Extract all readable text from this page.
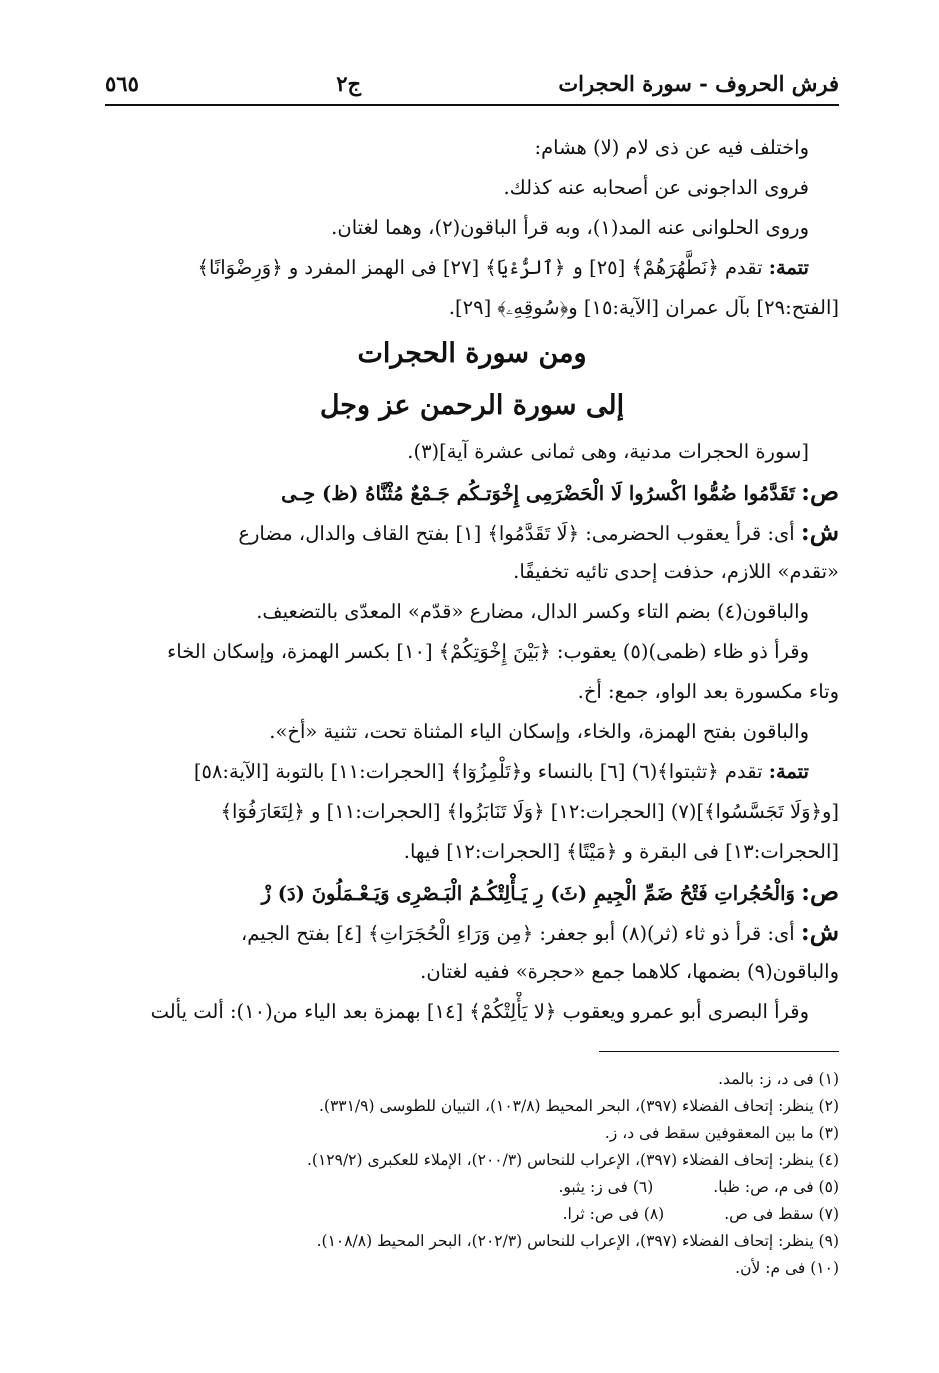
فرش الحروف - سورة الحجرات
ج٢
٥٦٥
واختلف فيه عن ذى لام (لا) هشام:
فروى الداجونى عن أصحابه عنه كذلك.
وروى الحلوانى عنه المد(١)، وبه قرأ الباقون(٢)، وهما لغتان.
تتمة: تقدم ﴿نَطَّهُرَهُمْ﴾ [٢٥] و ﴿ٱلرُّءْيَا﴾ [٢٧] فى الهمز المفرد و ﴿وَرِضْوَانًا﴾
[الفتح:٢٩] بآل عمران [الآية:١٥] و﴿سُوقِهِۦ﴾ [٢٩].
ومن سورة الحجرات
إلى سورة الرحمن عز وجل
[سورة الحجرات مدنية، وهى ثمانى عشرة آية](٣).
ص: تَقَدَّمُوا ضُمُّوا اكْسرُوا لَا الْحَضْرَمِى إِخْوَتـكُم جَـمْعٌ مُثْنَّاهُ (ظ) حِـى
ش: أى: قرأ يعقوب الحضرمى: ﴿لَا تَقَدَّمُوا﴾ [١] بفتح القاف والدال، مضارع
«تقدم» اللازم، حذفت إحدى تائيه تخفيفًا.
والباقون(٤) بضم التاء وكسر الدال، مضارع «قدّم» المعدّى بالتضعيف.
وقرأ ذو ظاء (ظمى)(٥) يعقوب: ﴿بَيْنَ إِخْوَتِكُمْ﴾ [١٠] بكسر الهمزة، وإسكان الخاء
وتاء مكسورة بعد الواو، جمع: أخ.
والباقون بفتح الهمزة، والخاء، وإسكان الياء المثناة تحت، تثنية «أخ».
تتمة: تقدم ﴿تثبتوا﴾(٦) [٦] بالنساء و﴿تَلْمِزُوٓا﴾ [الحجرات:١١] بالتوبة [الآية:٥٨]
[و﴿وَلَا تَجَسَّسُوا﴾](٧) [الحجرات:١٢] ﴿وَلَا تَنَابَزُوا﴾ [الحجرات:١١] و ﴿لِتَعَارَفُوٓا﴾
[الحجرات:١٣] فى البقرة و ﴿مَيْتًا﴾ [الحجرات:١٢] فيها.
ص: وَالْحُجُراتِ فَتْحُ ضَمِّ الْجِيمِ (ثَ) رِ يَـأْلِتْكُـمُ الْبَـصْرِى وَيَـعْـمَلُونَ (دَ) زْ
ش: أى: قرأ ذو ثاء (ثر)(٨) أبو جعفر: ﴿مِن وَرَاءِ الْحُجَرَاتِ﴾ [٤] بفتح الجيم،
والباقون(٩) بضمها، كلاهما جمع «حجرة» ففيه لغتان.
وقرأ البصرى أبو عمرو ويعقوب ﴿لا يَأْلِتْكُمْ﴾ [١٤] بهمزة بعد الياء من(١٠): ألت يألت
(١) فى د، ز: بالمد.
(٢) ينظر: إتحاف الفضلاء (٣٩٧)، البحر المحيط (١٠٣/٨)، التبيان للطوسى (٣٣١/٩).
(٣) ما بين المعقوفين سقط فى د، ز.
(٤) ينظر: إتحاف الفضلاء (٣٩٧)، الإعراب للنحاس (٢٠٠/٣)، الإملاء للعكبرى (١٢٩/٢).
(٥) فى م، ص: ظبا.
(٦) فى ز: يثبو.
(٧) سقط فى ص.
(٨) فى ص: ثرا.
(٩) ينظر: إتحاف الفضلاء (٣٩٧)، الإعراب للنحاس (٢٠٢/٣)، البحر المحيط (١٠٨/٨).
(١٠) فى م: لأن.
